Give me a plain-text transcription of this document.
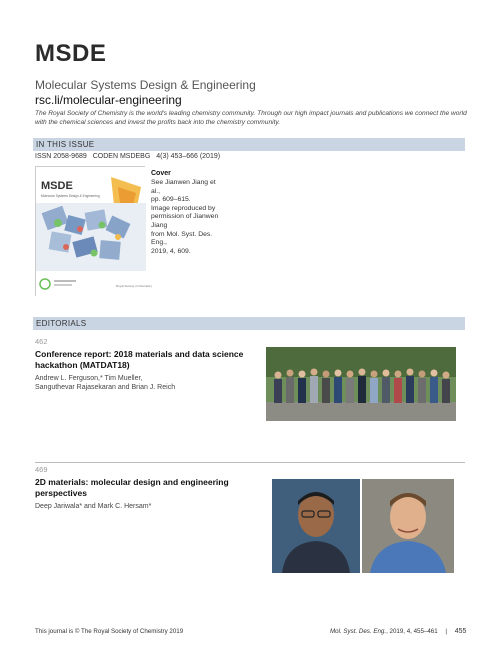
MSDE
Molecular Systems Design & Engineering
rsc.li/molecular-engineering
The Royal Society of Chemistry is the world's leading chemistry community. Through our high impact journals and publications we connect the world with the chemical sciences and invest the profits back into the chemistry community.
IN THIS ISSUE
ISSN 2058-9689 CODEN MSDEBG 4(3) 453–666 (2019)
MSDE
Molecular Systems Design & Engineering
Royal Society of Chemistry
Cover
See Jianwen Jiang et al.,
pp. 609–615.
Image reproduced by
permission of Jianwen Jiang
from Mol. Syst. Des. Eng.,
2019, 4, 609.
EDITORIALS
462
Conference report: 2018 materials and data science
hackathon (MATDAT18)
Andrew L. Ferguson,* Tim Mueller,
Sanguthevar Rajasekaran and Brian J. Reich
469
2D materials: molecular design and engineering
perspectives
Deep Jariwala* and Mark C. Hersam*
This journal is © The Royal Society of Chemistry 2019	Mol. Syst. Des. Eng., 2019, 4, 455–461 | 455
